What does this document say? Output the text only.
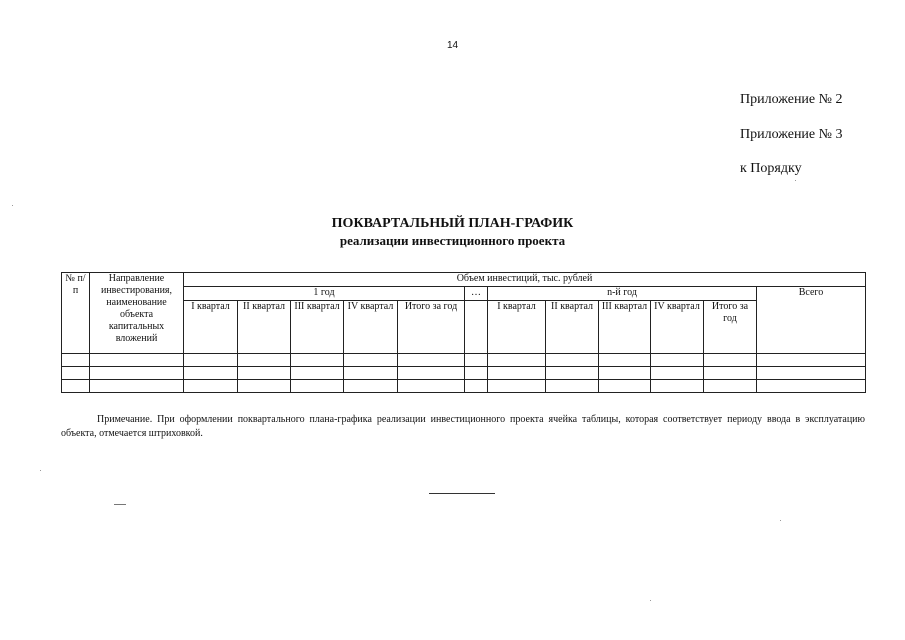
14
Приложение № 2
Приложение № 3
к Порядку
ПОКВАРТАЛЬНЫЙ ПЛАН-ГРАФИК
реализации инвестиционного проекта
№ п/п	Направление инвестирования, наименование объекта капитальных вложений	Объем инвестиций, тыс. рублей											
		1 год					…	n-й год					Всего
		I квартал	II квартал	III квартал	IV квартал	Итого за год		I квартал	II квартал	III квартал	IV квартал	Итого за год	

Примечание. При оформлении поквартального плана-графика реализации инвестиционного проекта ячейка таблицы, которая соответствует периоду ввода в эксплуатацию объекта, отмечается штриховкой.
